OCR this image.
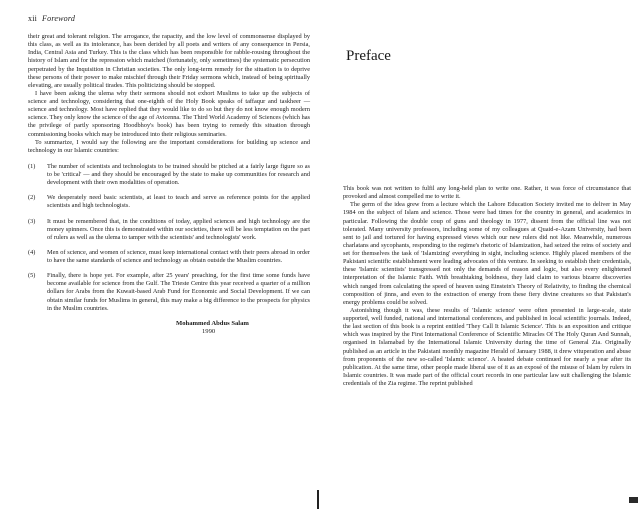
xii Foreword

their great and tolerant religion. The arrogance, the rapacity, and the low level of commonsense displayed by this class, as well as its intolerance, has been derided by all poets and writers of any consequence in Persia, India, Central Asia and Turkey. This is the class which has been responsible for rabble-rousing throughout the history of Islam and for the repression which matched (fortunately, only sometimes) the systematic persecution perpetrated by the Inquisition in Christian societies. The only long-term remedy for the situation is to deprive these persons of their power to make mischief through their Friday sermons which, instead of being spiritually elevating, are usually political tirades. This politicizing should be stopped.

I have been asking the ulema why their sermons should not exhort Muslims to take up the subjects of science and technology, considering that one-eighth of the Holy Book speaks of taffaqur and taskheer — science and technology. Most have replied that they would like to do so but they do not know enough modern science. They only know the science of the age of Avicenna. The Third World Academy of Sciences (which has the privilege of partly sponsoring Hoodbhoy's book) has been trying to remedy this situation through commissioning books which may be introduced into their religious seminaries.

To summarize, I would say the following are the important considerations for building up science and technology in our Islamic countries:

(1) The number of scientists and technologists to be trained should be pitched at a fairly large figure so as to be 'critical' — and they should be encouraged by the state to make up communities for research and development with their own modalities of operation.
(2) We desperately need basic scientists, at least to teach and serve as reference points for the applied scientists and high technologists.
(3) It must be remembered that, in the conditions of today, applied sciences and high technology are the money spinners. Once this is demonstrated within our societies, there will be less temptation on the part of rulers as well as the ulema to tamper with the scientists' and technologists' work.
(4) Men of science, and women of science, must keep international contact with their peers abroad in order to have the same standards of science and technology as obtain outside the Muslim countries.
(5) Finally, there is hope yet. For example, after 25 years' preaching, for the first time some funds have become available for science from the Gulf. The Trieste Centre this year received a quarter of a million dollars for Arabs from the Kuwait-based Arab Fund for Economic and Social Development. If we can obtain similar funds for Muslims in general, this may make a big difference to the prospects for physics in the Muslim countries.
Mohammed Abdus Salam
1990
Preface

This book was not written to fulfil any long-held plan to write one. Rather, it was force of circumstance that provoked and almost compelled me to write it.

The germ of the idea grew from a lecture which the Lahore Education Society invited me to deliver in May 1984 on the subject of Islam and science. Those were bad times for the country in general, and academics in particular. Following the double coup of guns and theology in 1977, dissent from the official line was not tolerated. Many university professors, including some of my colleagues at Quaid-e-Azam University, had been sent to jail and tortured for having expressed views which our new rulers did not like. Meanwhile, numerous charlatans and sycophants, responding to the regime's rhetoric of Islamization, had seized the reins of society and set for themselves the task of 'Islamizing' everything in sight, including science. Highly placed members of the Pakistani scientific establishment were leading advocates of this venture. In seeking to establish their credentials, these 'Islamic scientists' transgressed not only the demands of reason and logic, but also every enlightened interpretation of the Islamic Faith. With breathtaking boldness, they laid claim to various bizarre discoveries which ranged from calculating the speed of heaven using Einstein's Theory of Relativity, to finding the chemical composition of jinns, and even to the extraction of energy from these fiery divine creatures so that Pakistan's energy problems could be solved.

Astonishing though it was, these results of 'Islamic science' were often presented in large-scale, state supported, well funded, national and international conferences, and published in local scientific journals. Indeed, the last section of this book is a reprint entitled 'They Call It Islamic Science'. This is an exposition and critique which was inspired by the First International Conference of Scientific Miracles Of The Holy Quran And Sunnah, organised in Islamabad by the International Islamic University during the time of General Zia. Originally published as an article in the Pakistani monthly magazine Herald of January 1988, it drew vituperation and abuse from proponents of the new so-called 'Islamic science'. A heated debate continued for nearly a year after its publication. At the same time, other people made liberal use of it as an exposé of the misuse of Islam by rulers in Islamic countries. It was made part of the official court records in one particular law suit challenging the Islamic credentials of the Zia regime. The reprint published
